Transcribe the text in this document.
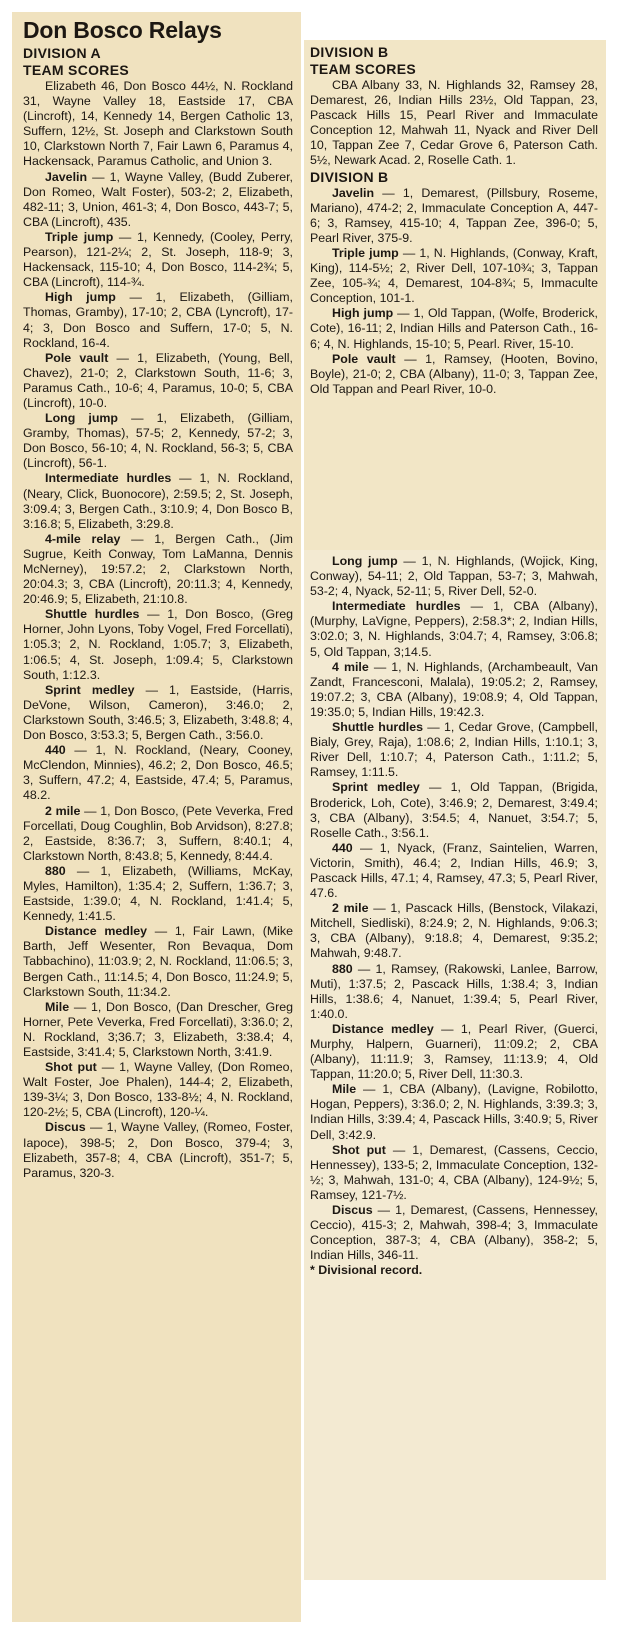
Don Bosco Relays
DIVISION A
TEAM SCORES

Elizabeth 46, Don Bosco 44½, N. Rockland 31, Wayne Valley 18, Eastside 17, CBA (Lincroft), 14, Kennedy 14, Bergen Catholic 13, Suffern, 12½, St. Joseph and Clarkstown South 10, Clarkstown North 7, Fair Lawn 6, Paramus 4, Hackensack, Paramus Catholic, and Union 3.

Javelin — 1, Wayne Valley, (Budd Zuberer, Don Romeo, Walt Foster), 503-2; 2, Elizabeth, 482-11; 3, Union, 461-3; 4, Don Bosco, 443-7; 5, CBA (Lincroft), 435.

Triple jump — 1, Kennedy, (Cooley, Perry, Pearson), 121-2¼; 2, St. Joseph, 118-9; 3, Hackensack, 115-10; 4, Don Bosco, 114-2¾; 5, CBA (Lincroft), 114-¾.

High jump — 1, Elizabeth, (Gilliam, Thomas, Gramby), 17-10; 2, CBA (Lyncroft), 17-4; 3, Don Bosco and Suffern, 17-0; 5, N. Rockland, 16-4.

Pole vault — 1, Elizabeth, (Young, Bell, Chavez), 21-0; 2, Clarkstown South, 11-6; 3, Paramus Cath., 10-6; 4, Paramus, 10-0; 5, CBA (Lincroft), 10-0.

Long jump — 1, Elizabeth, (Gilliam, Gramby, Thomas), 57-5; 2, Kennedy, 57-2; 3, Don Bosco, 56-10; 4, N. Rockland, 56-3; 5, CBA (Lincroft), 56-1.

Intermediate hurdles — 1, N. Rockland, (Neary, Click, Buonocore), 2:59.5; 2, St. Joseph, 3:09.4; 3, Bergen Cath., 3:10.9; 4, Don Bosco B, 3:16.8; 5, Elizabeth, 3:29.8.

4-mile relay — 1, Bergen Cath., (Jim Sugrue, Keith Conway, Tom LaManna, Dennis McNerney), 19:57.2; 2, Clarkstown North, 20:04.3; 3, CBA (Lincroft), 20:11.3; 4, Kennedy, 20:46.9; 5, Elizabeth, 21:10.8.

Shuttle hurdles — 1, Don Bosco, (Greg Horner, John Lyons, Toby Vogel, Fred Forcellati), 1:05.3; 2, N. Rockland, 1:05.7; 3, Elizabeth, 1:06.5; 4, St. Joseph, 1:09.4; 5, Clarkstown South, 1:12.3.

Sprint medley — 1, Eastside, (Harris, DeVone, Wilson, Cameron), 3:46.0; 2, Clarkstown South, 3:46.5; 3, Elizabeth, 3:48.8; 4, Don Bosco, 3:53.3; 5, Bergen Cath., 3:56.0.

440 — 1, N. Rockland, (Neary, Cooney, McClendon, Minnies), 46.2; 2, Don Bosco, 46.5; 3, Suffern, 47.2; 4, Eastside, 47.4; 5, Paramus, 48.2.

2 mile — 1, Don Bosco, (Pete Veverka, Fred Forcellati, Doug Coughlin, Bob Arvidson), 8:27.8; 2, Eastside, 8:36.7; 3, Suffern, 8:40.1; 4, Clarkstown North, 8:43.8; 5, Kennedy, 8:44.4.

880 — 1, Elizabeth, (Williams, McKay, Myles, Hamilton), 1:35.4; 2, Suffern, 1:36.7; 3, Eastside, 1:39.0; 4, N. Rockland, 1:41.4; 5, Kennedy, 1:41.5.

Distance medley — 1, Fair Lawn, (Mike Barth, Jeff Wesenter, Ron Bevaqua, Dom Tabbachino), 11:03.9; 2, N. Rockland, 11:06.5; 3, Bergen Cath., 11:14.5; 4, Don Bosco, 11:24.9; 5, Clarkstown South, 11:34.2.

Mile — 1, Don Bosco, (Dan Drescher, Greg Horner, Pete Veverka, Fred Forcellati), 3:36.0; 2, N. Rockland, 3;36.7; 3, Elizabeth, 3:38.4; 4, Eastside, 3:41.4; 5, Clarkstown North, 3:41.9.

Shot put — 1, Wayne Valley, (Don Romeo, Walt Foster, Joe Phalen), 144-4; 2, Elizabeth, 139-3¼; 3, Don Bosco, 133-8½; 4, N. Rockland, 120-2½; 5, CBA (Lincroft), 120-¼.

Discus — 1, Wayne Valley, (Romeo, Foster, Iapoce), 398-5; 2, Don Bosco, 379-4; 3, Elizabeth, 357-8; 4, CBA (Lincroft), 351-7; 5, Paramus, 320-3.

DIVISION B
TEAM SCORES

CBA Albany 33, N. Highlands 32, Ramsey 28, Demarest, 26, Indian Hills 23½, Old Tappan, 23, Pascack Hills 15, Pearl River and Immaculate Conception 12, Mahwah 11, Nyack and River Dell 10, Tappan Zee 7, Cedar Grove 6, Paterson Cath. 5½, Newark Acad. 2, Roselle Cath. 1.

DIVISION B

Javelin — 1, Demarest, (Pillsbury, Roseme, Mariano), 474-2; 2, Immaculate Conception A, 447-6; 3, Ramsey, 415-10; 4, Tappan Zee, 396-0; 5, Pearl River, 375-9.

Triple jump — 1, N. Highlands, (Conway, Kraft, King), 114-5½; 2, River Dell, 107-10¾; 3, Tappan Zee, 105-¾; 4, Demarest, 104-8¾; 5, Immaculte Conception, 101-1.

High jump — 1, Old Tappan, (Wolfe, Broderick, Cote), 16-11; 2, Indian Hills and Paterson Cath., 16-6; 4, N. Highlands, 15-10; 5, Pearl. River, 15-10.

Pole vault — 1, Ramsey, (Hooten, Bovino, Boyle), 21-0; 2, CBA (Albany), 11-0; 3, Tappan Zee, Old Tappan and Pearl River, 10-0.

Long jump — 1, N. Highlands, (Wojick, King, Conway), 54-11; 2, Old Tappan, 53-7; 3, Mahwah, 53-2; 4, Nyack, 52-11; 5, River Dell, 52-0.

Intermediate hurdles — 1, CBA (Albany), (Murphy, LaVigne, Peppers), 2:58.3*; 2, Indian Hills, 3:02.0; 3, N. Highlands, 3:04.7; 4, Ramsey, 3:06.8; 5, Old Tappan, 3;14.5.

4 mile — 1, N. Highlands, (Archambeault, Van Zandt, Francesconi, Malala), 19:05.2; 2, Ramsey, 19:07.2; 3, CBA (Albany), 19:08.9; 4, Old Tappan, 19:35.0; 5, Indian Hills, 19:42.3.

Shuttle hurdles — 1, Cedar Grove, (Campbell, Bialy, Grey, Raja), 1:08.6; 2, Indian Hills, 1:10.1; 3, River Dell, 1:10.7; 4, Paterson Cath., 1:11.2; 5, Ramsey, 1:11.5.

Sprint medley — 1, Old Tappan, (Brigida, Broderick, Loh, Cote), 3:46.9; 2, Demarest, 3:49.4; 3, CBA (Albany), 3:54.5; 4, Nanuet, 3:54.7; 5, Roselle Cath., 3:56.1.

440 — 1, Nyack, (Franz, Saintelien, Warren, Victorin, Smith), 46.4; 2, Indian Hills, 46.9; 3, Pascack Hills, 47.1; 4, Ramsey, 47.3; 5, Pearl River, 47.6.

2 mile — 1, Pascack Hills, (Benstock, Vilakazi, Mitchell, Siedliski), 8:24.9; 2, N. Highlands, 9:06.3; 3, CBA (Albany), 9:18.8; 4, Demarest, 9:35.2; Mahwah, 9:48.7.

880 — 1, Ramsey, (Rakowski, Lanlee, Barrow, Muti), 1:37.5; 2, Pascack Hills, 1:38.4; 3, Indian Hills, 1:38.6; 4, Nanuet, 1:39.4; 5, Pearl River, 1:40.0.

Distance medley — 1, Pearl River, (Guerci, Murphy, Halpern, Guarneri), 11:09.2; 2, CBA (Albany), 11:11.9; 3, Ramsey, 11:13.9; 4, Old Tappan, 11:20.0; 5, River Dell, 11:30.3.

Mile — 1, CBA (Albany), (Lavigne, Robilotto, Hogan, Peppers), 3:36.0; 2, N. Highlands, 3:39.3; 3, Indian Hills, 3:39.4; 4, Pascack Hills, 3:40.9; 5, River Dell, 3:42.9.

Shot put — 1, Demarest, (Cassens, Ceccio, Hennessey), 133-5; 2, Immaculate Conception, 132-½; 3, Mahwah, 131-0; 4, CBA (Albany), 124-9½; 5, Ramsey, 121-7½.

Discus — 1, Demarest, (Cassens, Hennessey, Ceccio), 415-3; 2, Mahwah, 398-4; 3, Immaculate Conception, 387-3; 4, CBA (Albany), 358-2; 5, Indian Hills, 346-11.

* Divisional record.
